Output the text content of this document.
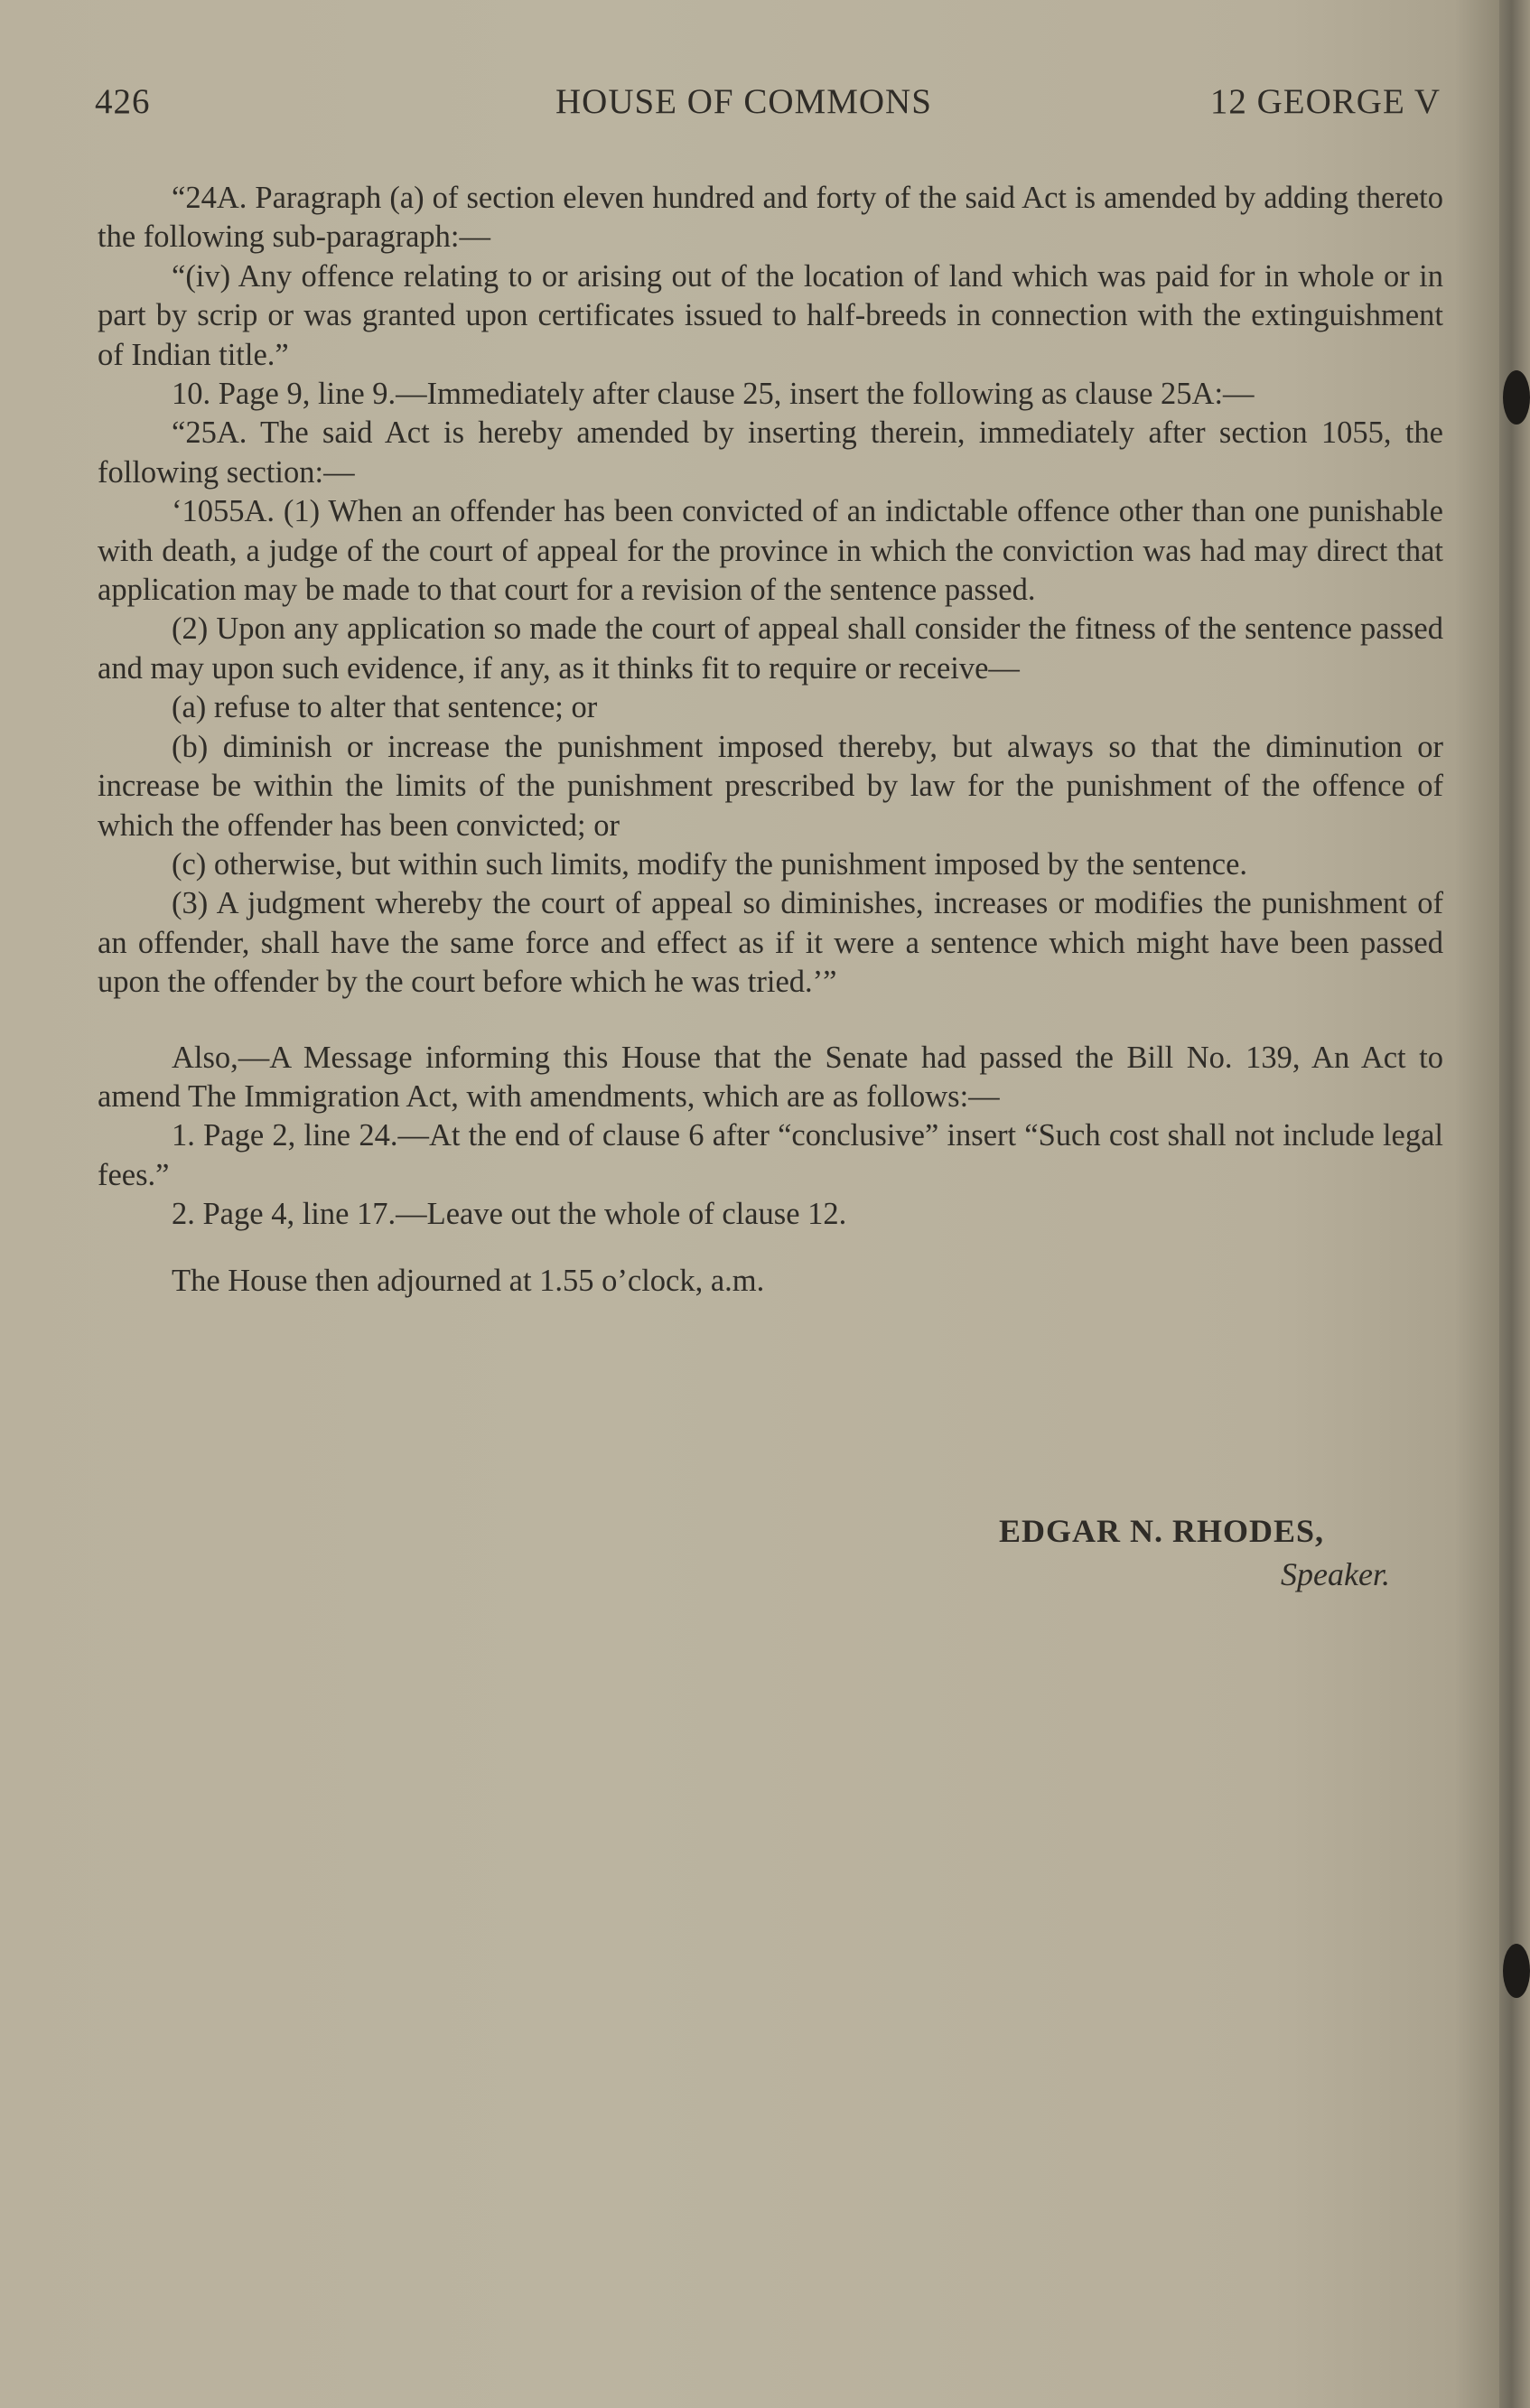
426	HOUSE OF COMMONS	12 GEORGE V

“24A. Paragraph (a) of section eleven hundred and forty of the said Act is amended by adding thereto the following sub-paragraph:—

“(iv) Any offence relating to or arising out of the location of land which was paid for in whole or in part by scrip or was granted upon certificates issued to half-breeds in connection with the extinguishment of Indian title.”

10. Page 9, line 9.—Immediately after clause 25, insert the following as clause 25A:—

“25A. The said Act is hereby amended by inserting therein, immediately after section 1055, the following section:—

‘1055A. (1) When an offender has been convicted of an indictable offence other than one punishable with death, a judge of the court of appeal for the province in which the conviction was had may direct that application may be made to that court for a revision of the sentence passed.

(2) Upon any application so made the court of appeal shall consider the fitness of the sentence passed and may upon such evidence, if any, as it thinks fit to require or receive—

(a) refuse to alter that sentence; or

(b) diminish or increase the punishment imposed thereby, but always so that the diminution or increase be within the limits of the punishment prescribed by law for the punishment of the offence of which the offender has been convicted; or

(c) otherwise, but within such limits, modify the punishment imposed by the sentence.

(3) A judgment whereby the court of appeal so diminishes, increases or modifies the punishment of an offender, shall have the same force and effect as if it were a sentence which might have been passed upon the offender by the court before which he was tried.’”

Also,—A Message informing this House that the Senate had passed the Bill No. 139, An Act to amend The Immigration Act, with amendments, which are as follows:—

1. Page 2, line 24.—At the end of clause 6 after “conclusive” insert “Such cost shall not include legal fees.”

2. Page 4, line 17.—Leave out the whole of clause 12.

The House then adjourned at 1.55 o’clock, a.m.

EDGAR N. RHODES,
Speaker.
